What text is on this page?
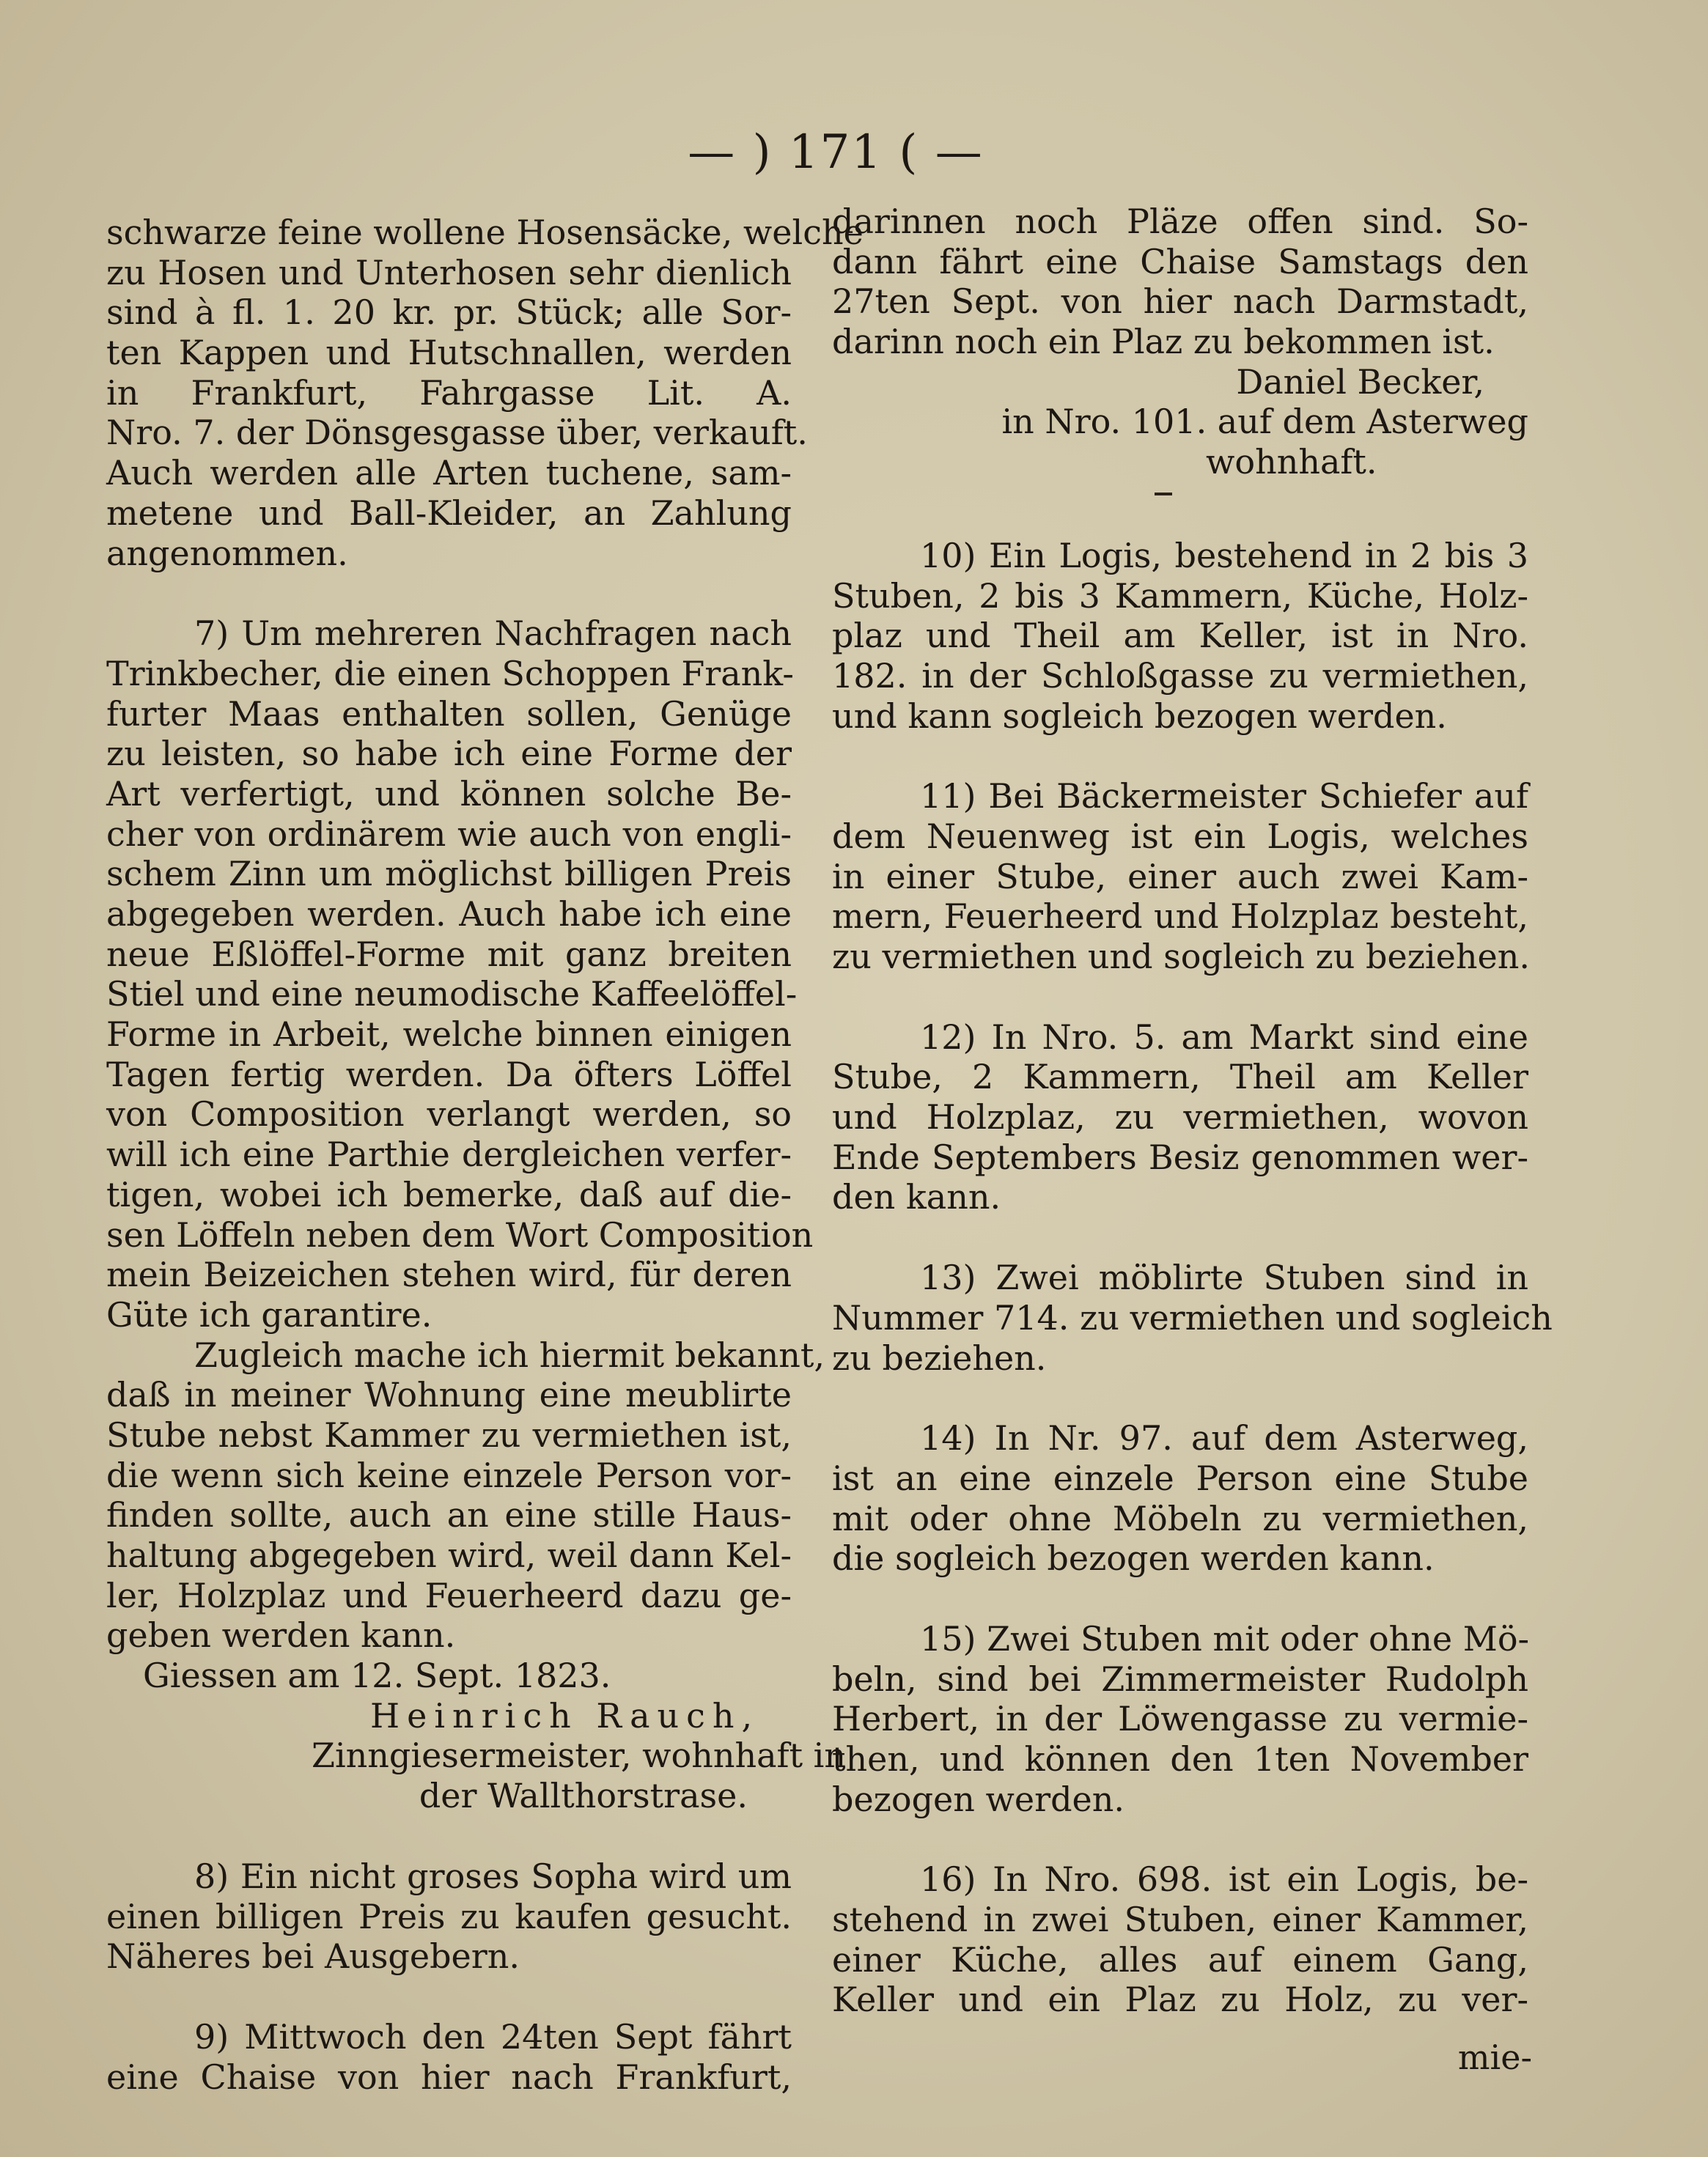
— ) 171 ( —
schwarze feine wollene Hosensäcke, welche
zu Hosen und Unterhosen sehr dienlich
sind à fl. 1. 20 kr. pr. Stück; alle Sor-
ten Kappen und Hutschnallen, werden
in Frankfurt, Fahrgasse Lit. A.
Nro. 7. der Dönsgesgasse über, verkauft.
Auch werden alle Arten tuchene, sam-
metene und Ball-Kleider, an Zahlung
angenommen.
7) Um mehreren Nachfragen nach
Trinkbecher, die einen Schoppen Frank-
furter Maas enthalten sollen, Genüge
zu leisten, so habe ich eine Forme der
Art verfertigt, und können solche Be-
cher von ordinärem wie auch von engli-
schem Zinn um möglichst billigen Preis
abgegeben werden. Auch habe ich eine
neue Eßlöffel-Forme mit ganz breiten
Stiel und eine neumodische Kaffeelöffel-
Forme in Arbeit, welche binnen einigen
Tagen fertig werden. Da öfters Löffel
von Composition verlangt werden, so
will ich eine Parthie dergleichen verfer-
tigen, wobei ich bemerke, daß auf die-
sen Löffeln neben dem Wort Composition
mein Beizeichen stehen wird, für deren
Güte ich garantire.
Zugleich mache ich hiermit bekannt,
daß in meiner Wohnung eine meublirte
Stube nebst Kammer zu vermiethen ist,
die wenn sich keine einzele Person vor-
finden sollte, auch an eine stille Haus-
haltung abgegeben wird, weil dann Kel-
ler, Holzplaz und Feuerheerd dazu ge-
geben werden kann.
Giessen am 12. Sept. 1823.
Heinrich Rauch,
Zinngiesermeister, wohnhaft in
der Wallthorstrase.
8) Ein nicht groses Sopha wird um
einen billigen Preis zu kaufen gesucht.
Näheres bei Ausgebern.
9) Mittwoch den 24ten Sept fährt
eine Chaise von hier nach Frankfurt,
darinnen noch Pläze offen sind. So-
dann fährt eine Chaise Samstags den
27ten Sept. von hier nach Darmstadt,
darinn noch ein Plaz zu bekommen ist.
Daniel Becker,
in Nro. 101. auf dem Asterweg
wohnhaft.
10) Ein Logis, bestehend in 2 bis 3
Stuben, 2 bis 3 Kammern, Küche, Holz-
plaz und Theil am Keller, ist in Nro.
182. in der Schloßgasse zu vermiethen,
und kann sogleich bezogen werden.
11) Bei Bäckermeister Schiefer auf
dem Neuenweg ist ein Logis, welches
in einer Stube, einer auch zwei Kam-
mern, Feuerheerd und Holzplaz besteht,
zu vermiethen und sogleich zu beziehen.
12) In Nro. 5. am Markt sind eine
Stube, 2 Kammern, Theil am Keller
und Holzplaz, zu vermiethen, wovon
Ende Septembers Besiz genommen wer-
den kann.
13) Zwei möblirte Stuben sind in
Nummer 714. zu vermiethen und sogleich
zu beziehen.
14) In Nr. 97. auf dem Asterweg,
ist an eine einzele Person eine Stube
mit oder ohne Möbeln zu vermiethen,
die sogleich bezogen werden kann.
15) Zwei Stuben mit oder ohne Mö-
beln, sind bei Zimmermeister Rudolph
Herbert, in der Löwengasse zu vermie-
then, und können den 1ten November
bezogen werden.
16) In Nro. 698. ist ein Logis, be-
stehend in zwei Stuben, einer Kammer,
einer Küche, alles auf einem Gang,
Keller und ein Plaz zu Holz, zu ver-
mie-
